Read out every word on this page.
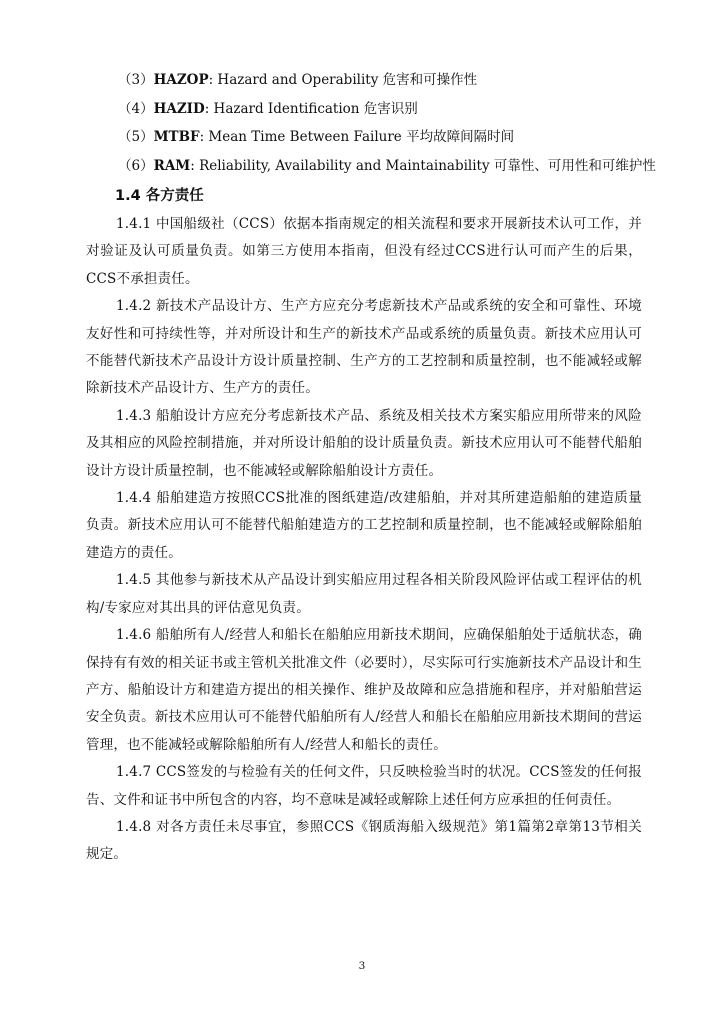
（3）HAZOP: Hazard and Operability 危害和可操作性
（4）HAZID: Hazard Identification 危害识别
（5）MTBF: Mean Time Between Failure 平均故障间隔时间
（6）RAM: Reliability, Availability and Maintainability 可靠性、可用性和可维护性
1.4 各方责任

1.4.1 中国船级社（CCS）依据本指南规定的相关流程和要求开展新技术认可工作，并对验证及认可质量负责。如第三方使用本指南，但没有经过CCS进行认可而产生的后果，CCS不承担责任。

1.4.2 新技术产品设计方、生产方应充分考虑新技术产品或系统的安全和可靠性、环境友好性和可持续性等，并对所设计和生产的新技术产品或系统的质量负责。新技术应用认可不能替代新技术产品设计方设计质量控制、生产方的工艺控制和质量控制，也不能减轻或解除新技术产品设计方、生产方的责任。

1.4.3 船舶设计方应充分考虑新技术产品、系统及相关技术方案实船应用所带来的风险及其相应的风险控制措施，并对所设计船舶的设计质量负责。新技术应用认可不能替代船舶设计方设计质量控制，也不能减轻或解除船舶设计方责任。

1.4.4 船舶建造方按照CCS批准的图纸建造/改建船舶，并对其所建造船舶的建造质量负责。新技术应用认可不能替代船舶建造方的工艺控制和质量控制，也不能减轻或解除船舶建造方的责任。

1.4.5 其他参与新技术从产品设计到实船应用过程各相关阶段风险评估或工程评估的机构/专家应对其出具的评估意见负责。

1.4.6 船舶所有人/经营人和船长在船舶应用新技术期间，应确保船舶处于适航状态，确保持有有效的相关证书或主管机关批准文件（必要时），尽实际可行实施新技术产品设计和生产方、船舶设计方和建造方提出的相关操作、维护及故障和应急措施和程序，并对船舶营运安全负责。新技术应用认可不能替代船舶所有人/经营人和船长在船舶应用新技术期间的营运管理，也不能减轻或解除船舶所有人/经营人和船长的责任。

1.4.7 CCS签发的与检验有关的任何文件，只反映检验当时的状况。CCS签发的任何报告、文件和证书中所包含的内容，均不意味是减轻或解除上述任何方应承担的任何责任。

1.4.8 对各方责任未尽事宜，参照CCS《钢质海船入级规范》第1篇第2章第13节相关规定。

3
